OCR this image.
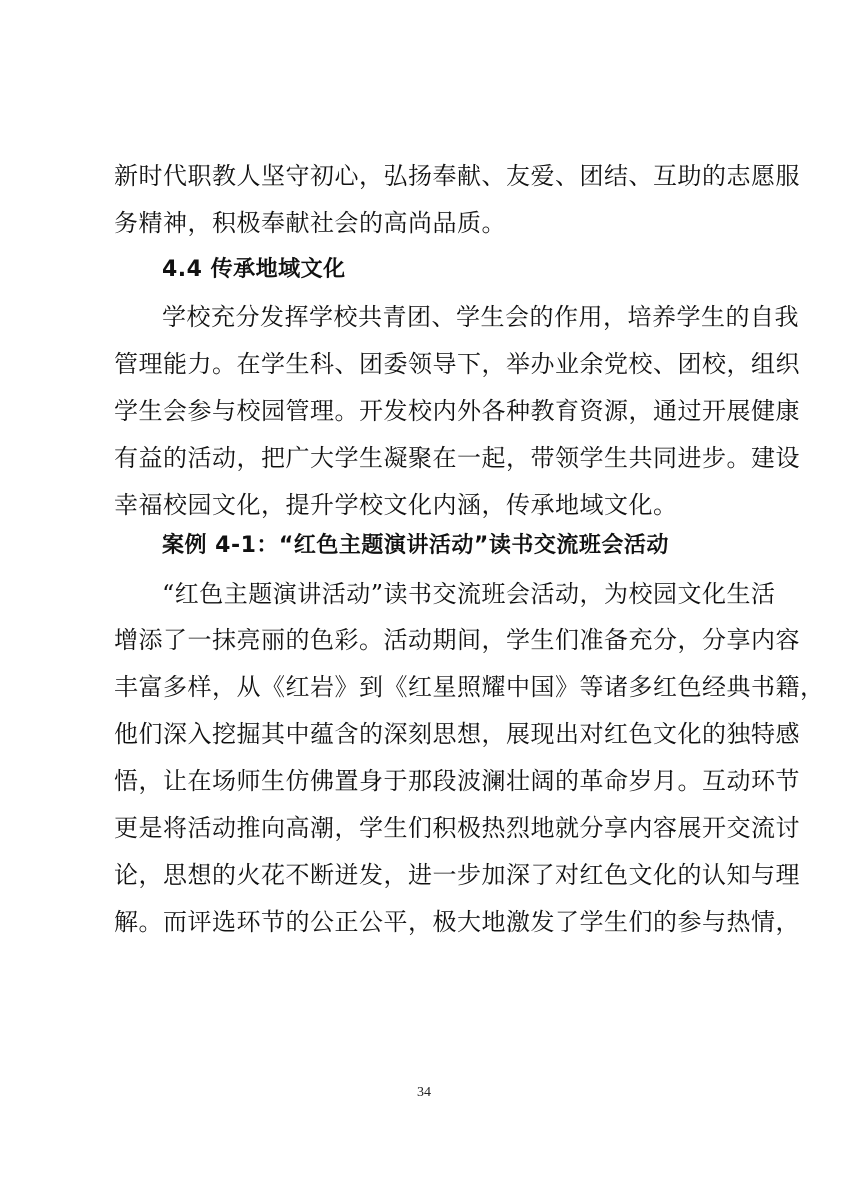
新时代职教人坚守初心，弘扬奉献、友爱、团结、互助的志愿服
务精神，积极奉献社会的高尚品质。
4.4 传承地域文化
学校充分发挥学校共青团、学生会的作用，培养学生的自我
管理能力。在学生科、团委领导下，举办业余党校、团校，组织
学生会参与校园管理。开发校内外各种教育资源，通过开展健康
有益的活动，把广大学生凝聚在一起，带领学生共同进步。建设
幸福校园文化，提升学校文化内涵，传承地域文化。
案例 4-1：“红色主题演讲活动”读书交流班会活动
“红色主题演讲活动”读书交流班会活动，为校园文化生活
增添了一抹亮丽的色彩。活动期间，学生们准备充分，分享内容
丰富多样，从《红岩》到《红星照耀中国》等诸多红色经典书籍，
他们深入挖掘其中蕴含的深刻思想，展现出对红色文化的独特感
悟，让在场师生仿佛置身于那段波澜壮阔的革命岁月。互动环节
更是将活动推向高潮，学生们积极热烈地就分享内容展开交流讨
论，思想的火花不断迸发，进一步加深了对红色文化的认知与理
解。而评选环节的公正公平，极大地激发了学生们的参与热情，
34
